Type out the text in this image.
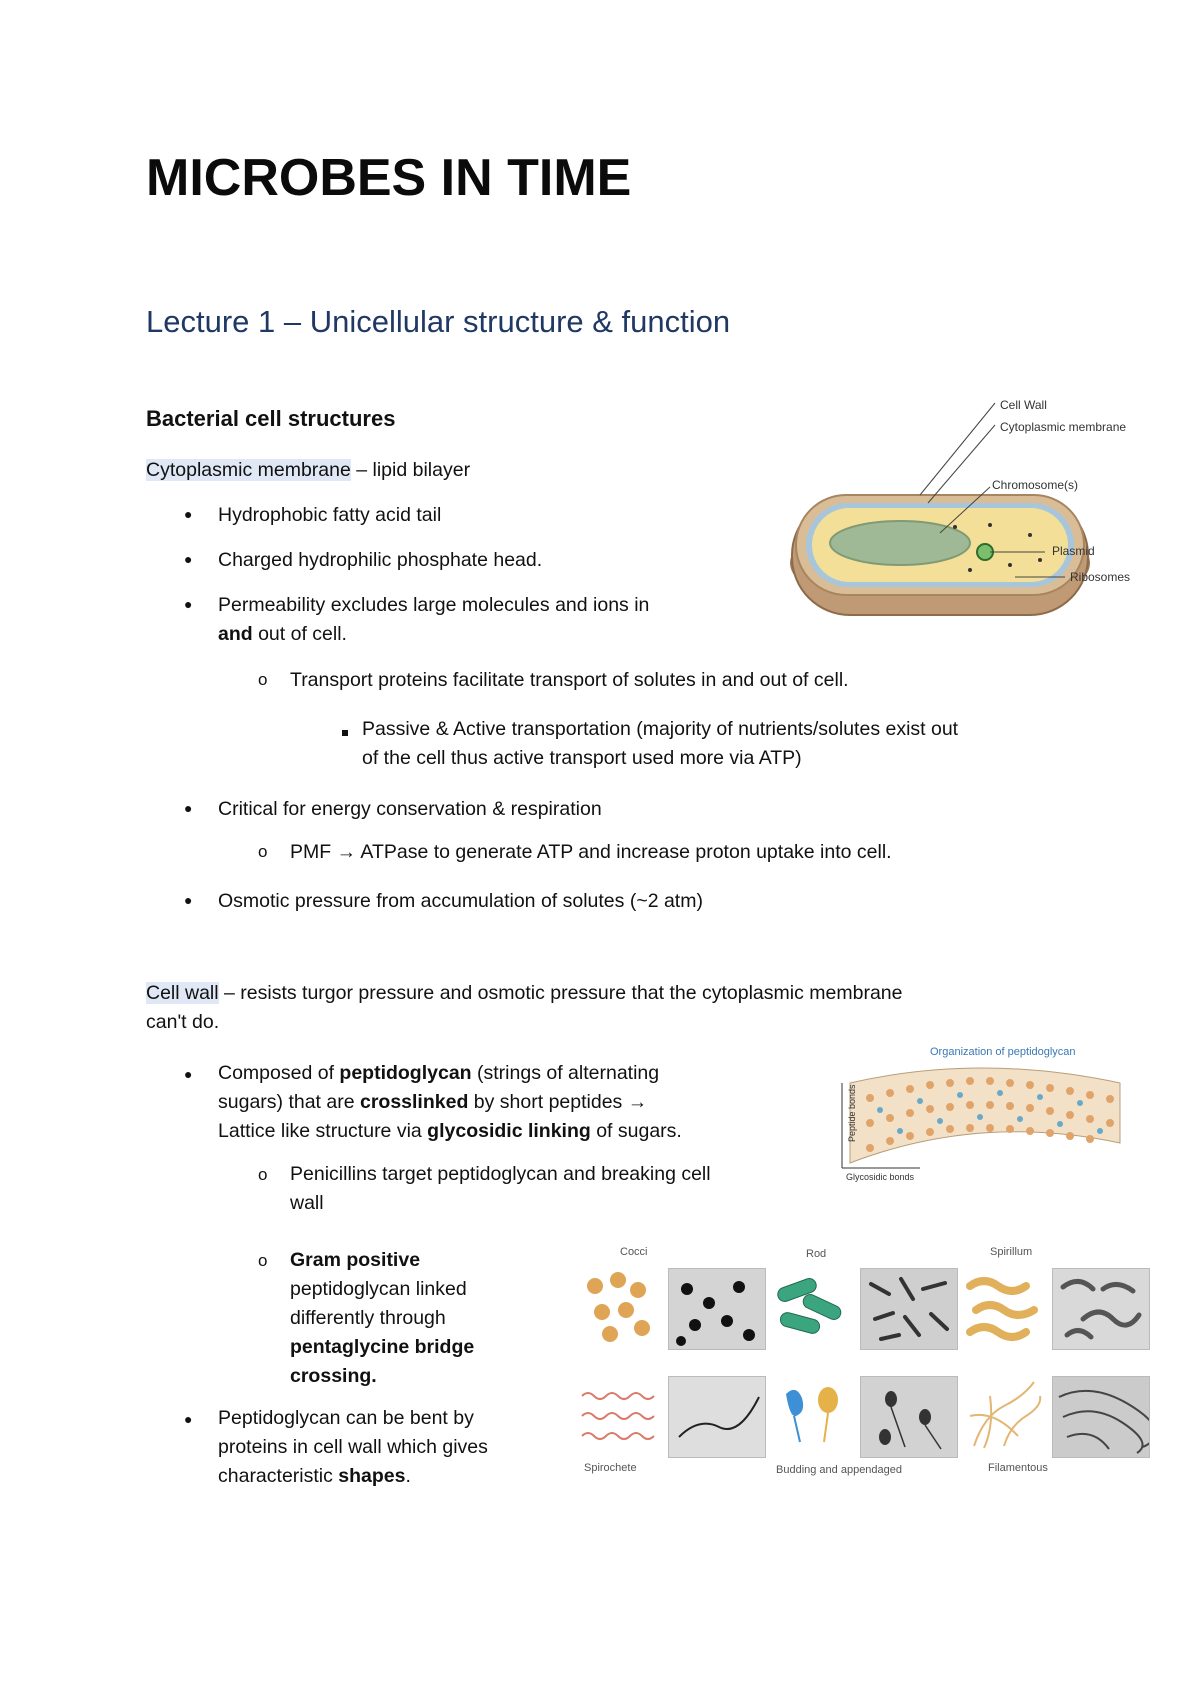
MICROBES IN TIME
Lecture 1 – Unicellular structure & function
Bacterial cell structures
Cytoplasmic membrane – lipid bilayer
● Hydrophobic fatty acid tail
● Charged hydrophilic phosphate head.
● Permeability excludes large molecules and ions in
and out of cell.
o Transport proteins facilitate transport of solutes in and out of cell.
Passive & Active transportation (majority of nutrients/solutes exist out
of the cell thus active transport used more via ATP)
● Critical for energy conservation & respiration
o PMF → ATPase to generate ATP and increase proton uptake into cell.
● Osmotic pressure from accumulation of solutes (~2 atm)
Cell Wall
Cytoplasmic membrane
Chromosome(s)
Plasmid
Ribosomes
Cell wall – resists turgor pressure and osmotic pressure that the cytoplasmic membrane
can't do.
● Composed of peptidoglycan (strings of alternating
sugars) that are crosslinked by short peptides →
Lattice like structure via glycosidic linking of sugars.
o Penicillins target peptidoglycan and breaking cell
wall
o Gram positive
peptidoglycan linked
differently through
pentaglycine bridge
crossing.
● Peptidoglycan can be bent by
proteins in cell wall which gives
characteristic shapes.
Organization of peptidoglycan
Peptide bonds
Glycosidic bonds
Cocci	Rod	Spirillum
Spirochete	Budding and appendaged	Filamentous
